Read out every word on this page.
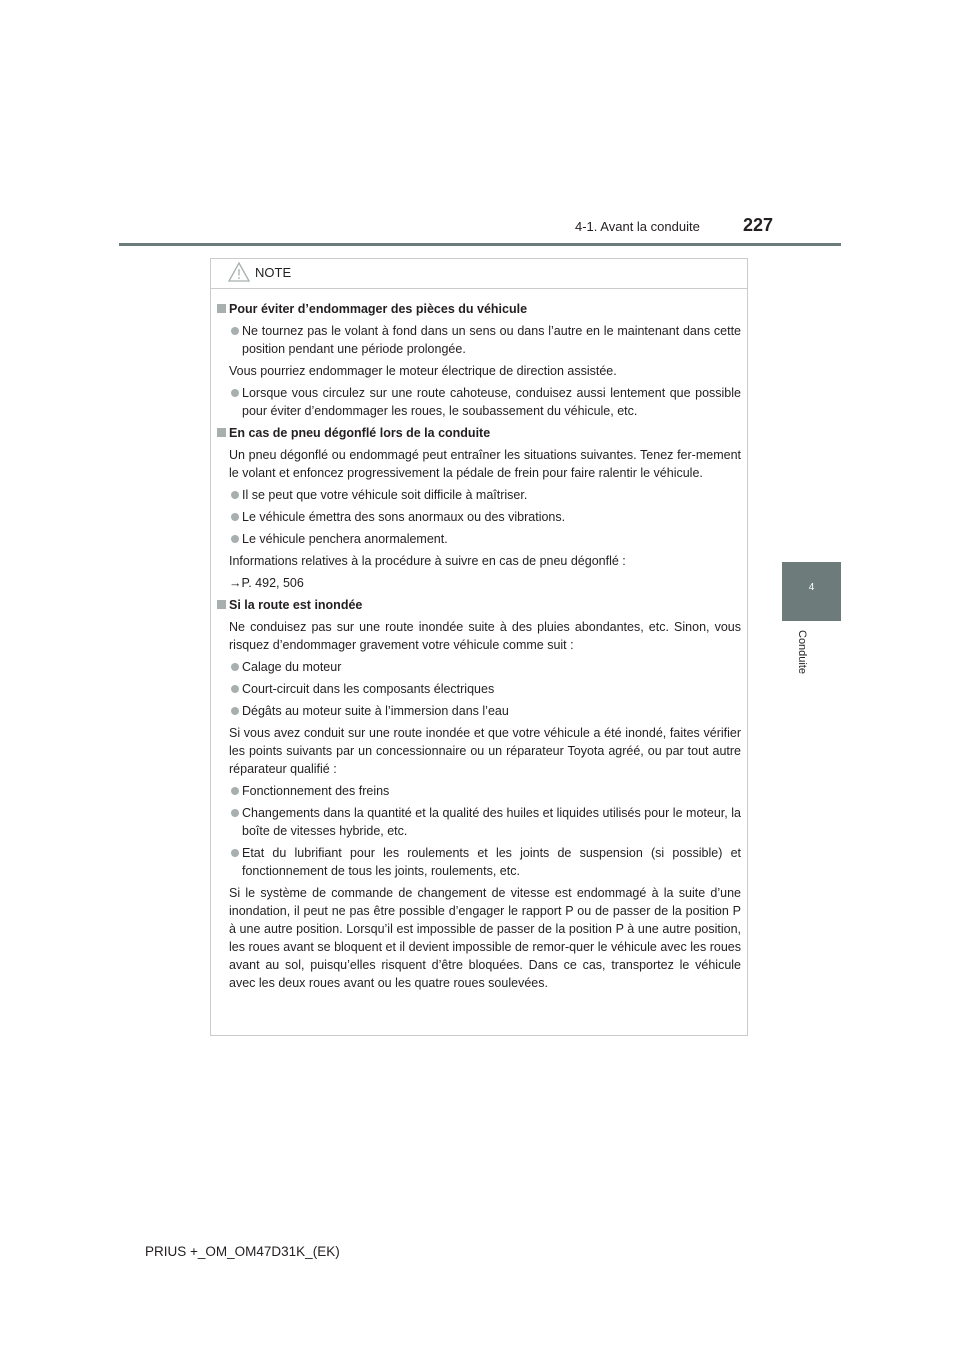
4-1. Avant la conduite 227
4
Conduite
NOTE
Pour éviter d’endommager des pièces du véhicule
Ne tournez pas le volant à fond dans un sens ou dans l’autre en le maintenant dans cette position pendant une période prolongée.
Vous pourriez endommager le moteur électrique de direction assistée.
Lorsque vous circulez sur une route cahoteuse, conduisez aussi lentement que possible pour éviter d’endommager les roues, le soubassement du véhicule, etc.
En cas de pneu dégonflé lors de la conduite
Un pneu dégonflé ou endommagé peut entraîner les situations suivantes. Tenez fer-mement le volant et enfoncez progressivement la pédale de frein pour faire ralentir le véhicule.
Il se peut que votre véhicule soit difficile à maîtriser.
Le véhicule émettra des sons anormaux ou des vibrations.
Le véhicule penchera anormalement.
Informations relatives à la procédure à suivre en cas de pneu dégonflé :
→P. 492, 506
Si la route est inondée
Ne conduisez pas sur une route inondée suite à des pluies abondantes, etc. Sinon, vous risquez d’endommager gravement votre véhicule comme suit :
Calage du moteur
Court-circuit dans les composants électriques
Dégâts au moteur suite à l’immersion dans l’eau
Si vous avez conduit sur une route inondée et que votre véhicule a été inondé, faites vérifier les points suivants par un concessionnaire ou un réparateur Toyota agréé, ou par tout autre réparateur qualifié :
Fonctionnement des freins
Changements dans la quantité et la qualité des huiles et liquides utilisés pour le moteur, la boîte de vitesses hybride, etc.
Etat du lubrifiant pour les roulements et les joints de suspension (si possible) et fonctionnement de tous les joints, roulements, etc.
Si le système de commande de changement de vitesse est endommagé à la suite d’une inondation, il peut ne pas être possible d’engager le rapport P ou de passer de la position P à une autre position. Lorsqu’il est impossible de passer de la position P à une autre position, les roues avant se bloquent et il devient impossible de remor-quer le véhicule avec les roues avant au sol, puisqu’elles risquent d’être bloquées. Dans ce cas, transportez le véhicule avec les deux roues avant ou les quatre roues soulevées.
PRIUS +_OM_OM47D31K_(EK)
